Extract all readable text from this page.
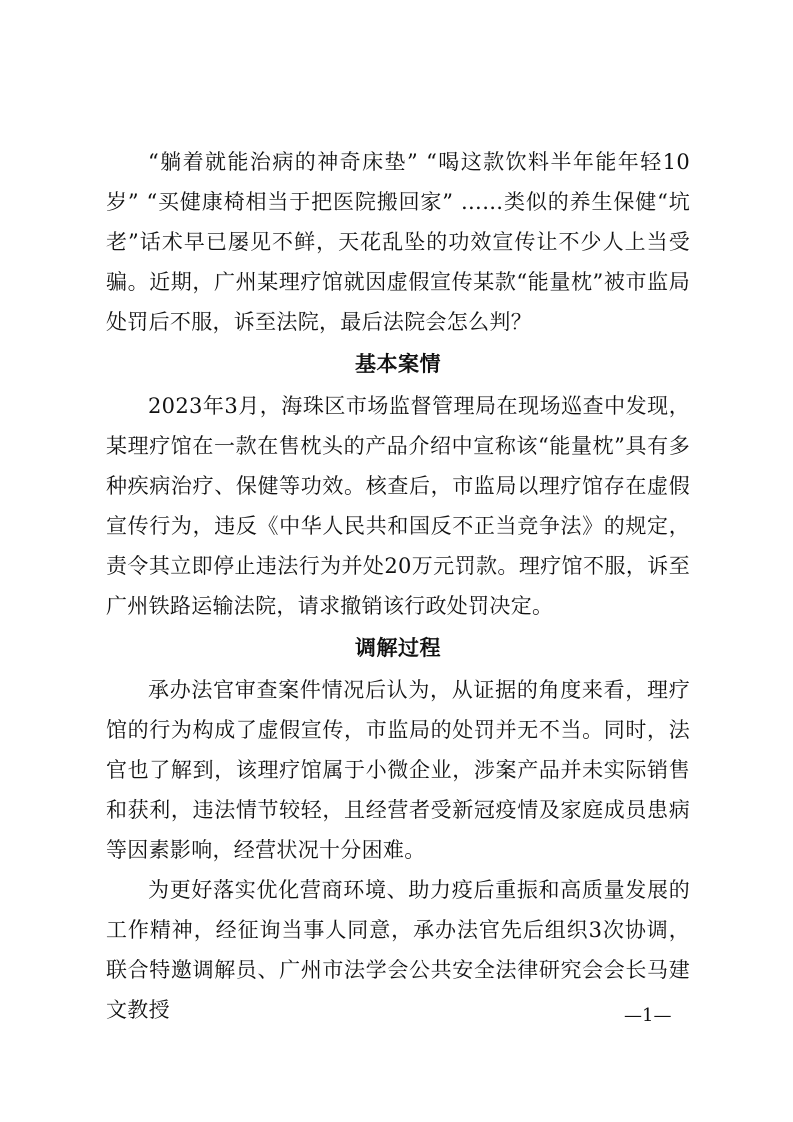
“躺着就能治病的神奇床垫” “喝这款饮料半年能年轻10岁” “买健康椅相当于把医院搬回家” ……类似的养生保健“坑老”话术早已屡见不鲜，天花乱坠的功效宣传让不少人上当受骗。近期，广州某理疗馆就因虚假宣传某款“能量枕”被市监局处罚后不服，诉至法院，最后法院会怎么判？

基本案情

2023年3月，海珠区市场监督管理局在现场巡查中发现，某理疗馆在一款在售枕头的产品介绍中宣称该“能量枕”具有多种疾病治疗、保健等功效。核查后，市监局以理疗馆存在虚假宣传行为，违反《中华人民共和国反不正当竞争法》的规定，责令其立即停止违法行为并处20万元罚款。理疗馆不服，诉至广州铁路运输法院，请求撤销该行政处罚决定。

调解过程

承办法官审查案件情况后认为，从证据的角度来看，理疗馆的行为构成了虚假宣传，市监局的处罚并无不当。同时，法官也了解到，该理疗馆属于小微企业，涉案产品并未实际销售和获利，违法情节较轻，且经营者受新冠疫情及家庭成员患病等因素影响，经营状况十分困难。

为更好落实优化营商环境、助力疫后重振和高质量发展的工作精神，经征询当事人同意，承办法官先后组织3次协调，联合特邀调解员、广州市法学会公共安全法律研究会会长马建文教授	—1—
